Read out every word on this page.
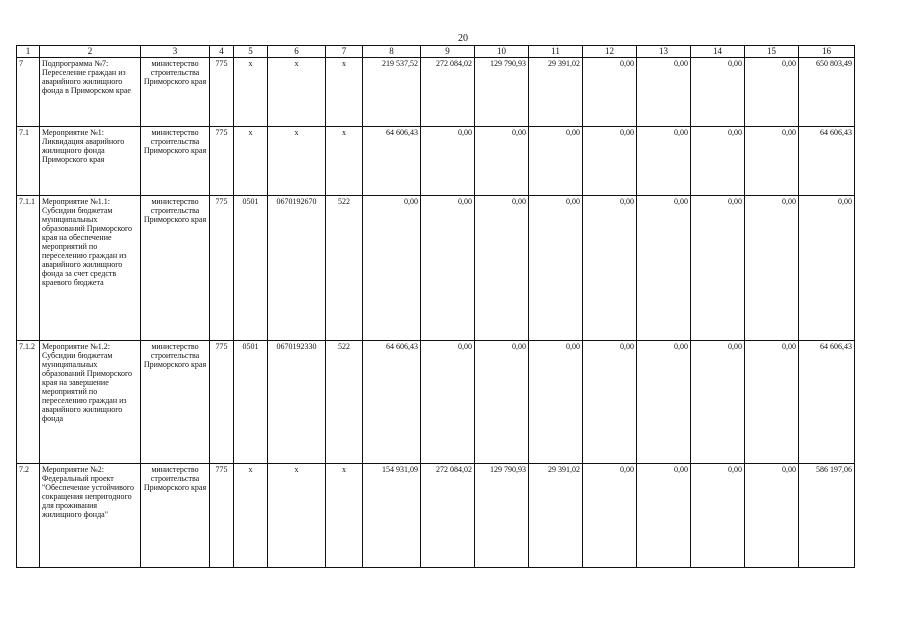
20
1	2	3	4	5	6	7	8	9	10	11	12	13	14	15	16
7	Подпрограмма №7: Переселение граждан из аварийного жилищного фонда в Приморском крае	министерство строительства Приморского края	775	х	х	х	219 537,52	272 084,02	129 790,93	29 391,02	0,00	0,00	0,00	0,00	650 803,49
7.1	Мероприятие №1: Ликвидация аварийного жилищного фонда Приморского края	министерство строительства Приморского края	775	х	х	х	64 606,43	0,00	0,00	0,00	0,00	0,00	0,00	0,00	64 606,43
7.1.1	Мероприятие №1.1: Субсидии бюджетам муниципальных образований Приморского края на обеспечение мероприятий по переселению граждан из аварийного жилищного фонда за счет средств краевого бюджета	министерство строительства Приморского края	775	0501	0670192670	522	0,00	0,00	0,00	0,00	0,00	0,00	0,00	0,00	0,00
7.1.2	Мероприятие №1.2: Субсидии бюджетам муниципальных образований Приморского края на завершение мероприятий по переселению граждан из аварийного жилищного фонда	министерство строительства Приморского края	775	0501	0670192330	522	64 606,43	0,00	0,00	0,00	0,00	0,00	0,00	0,00	64 606,43
7.2	Мероприятие №2: Федеральный проект "Обеспечение устойчивого сокращения непригодного для проживания жилищного фонда"	министерство строительства Приморского края	775	х	х	х	154 931,09	272 084,02	129 790,93	29 391,02	0,00	0,00	0,00	0,00	586 197,06
